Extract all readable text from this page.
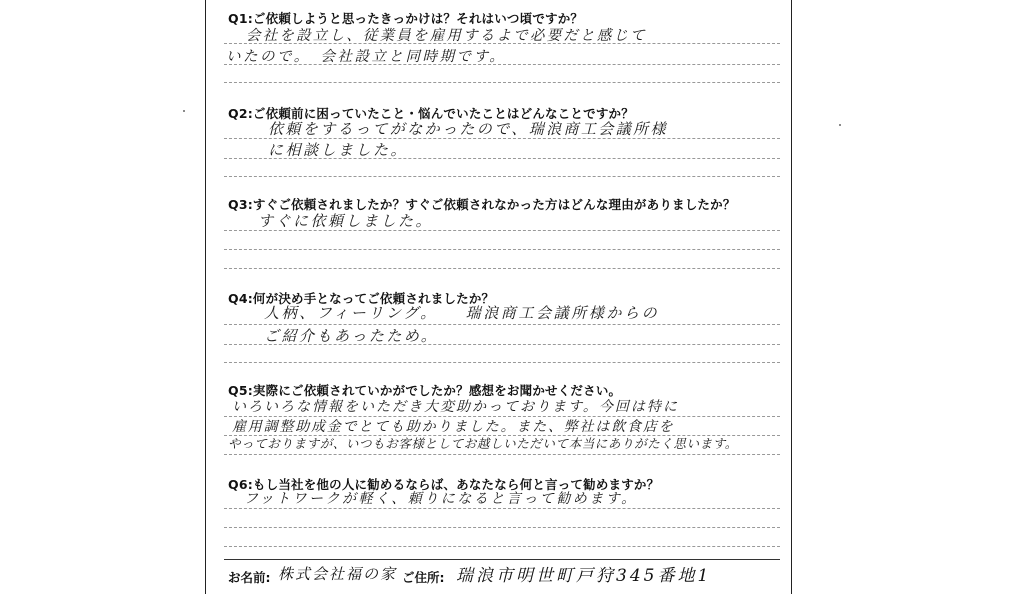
Q1:ご依頼しようと思ったきっかけは？それはいつ頃ですか？
会社を設立し、従業員を雇用するよで必要だと感じて
いたので。　会社設立と同時期です。
Q2:ご依頼前に困っていたこと・悩んでいたことはどんなことですか？
依頼をするってがなかったので、瑞浪商工会議所様
に相談しました。
Q3:すぐご依頼されましたか？すぐご依頼されなかった方はどんな理由がありましたか？
すぐに依頼しました。
Q4:何が決め手となってご依頼されましたか？
人柄、フィーリング。　　瑞浪商工会議所様からの
ご紹介もあったため。
Q5:実際にご依頼されていかがでしたか？感想をお聞かせください。
いろいろな情報をいただき大変助かっております。今回は特に
雇用調整助成金でとても助かりました。また、弊社は飲食店を
やっておりますが、いつもお客様としてお越しいただいて本当にありがたく思います。
Q6:もし当社を他の人に勧めるならば、あなたなら何と言って勧めますか？
フットワークが軽く、頼りになると言って勧めます。
お名前: 株式会社福の家 ご住所: 瑞浪市明世町戸狩345番地1
